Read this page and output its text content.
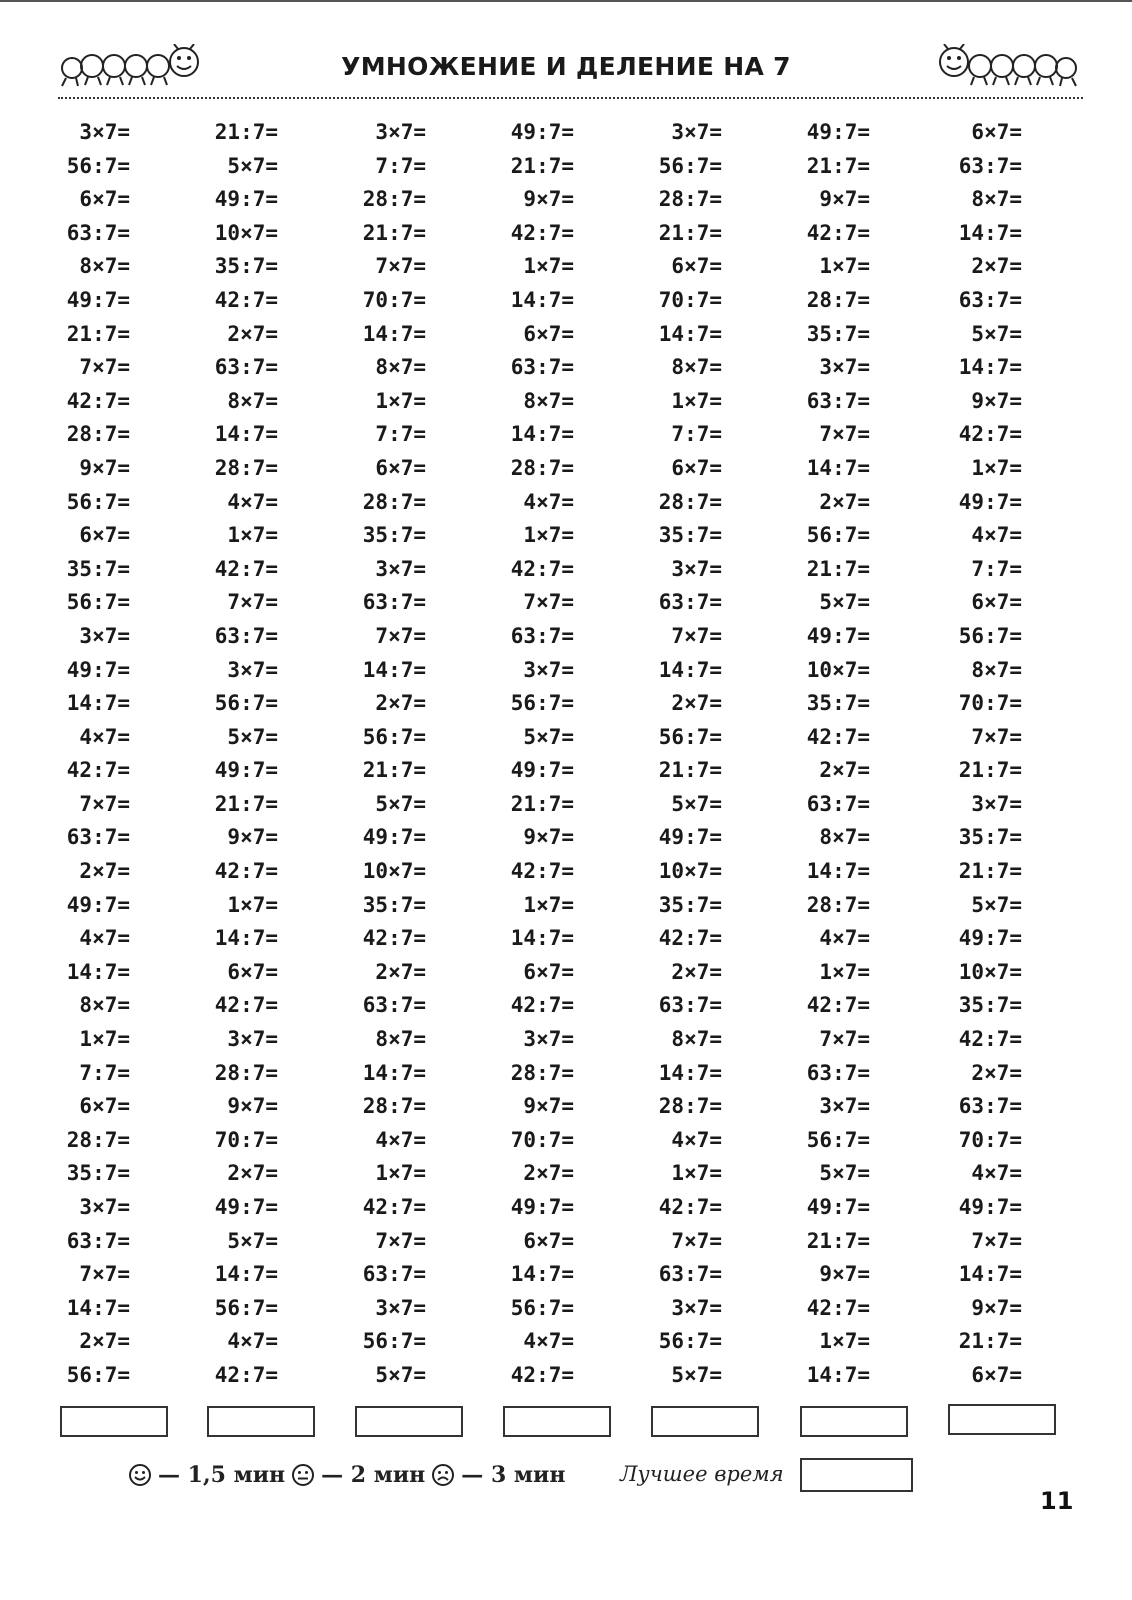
УМНОЖЕНИЕ И ДЕЛЕНИЕ НА 7
3×7=
56:7=
6×7=
63:7=
8×7=
49:7=
21:7=
7×7=
42:7=
28:7=
9×7=
56:7=
6×7=
35:7=
56:7=
3×7=
49:7=
14:7=
4×7=
42:7=
7×7=
63:7=
2×7=
49:7=
4×7=
14:7=
8×7=
1×7=
7:7=
6×7=
28:7=
35:7=
3×7=
63:7=
7×7=
14:7=
2×7=
56:7=
21:7=
5×7=
49:7=
10×7=
35:7=
42:7=
2×7=
63:7=
8×7=
14:7=
28:7=
4×7=
1×7=
42:7=
7×7=
63:7=
3×7=
56:7=
5×7=
49:7=
21:7=
9×7=
42:7=
1×7=
14:7=
6×7=
42:7=
3×7=
28:7=
9×7=
70:7=
2×7=
49:7=
5×7=
14:7=
56:7=
4×7=
42:7=
3×7=
7:7=
28:7=
21:7=
7×7=
70:7=
14:7=
8×7=
1×7=
7:7=
6×7=
28:7=
35:7=
3×7=
63:7=
7×7=
14:7=
2×7=
56:7=
21:7=
5×7=
49:7=
10×7=
35:7=
42:7=
2×7=
63:7=
8×7=
14:7=
28:7=
4×7=
1×7=
42:7=
7×7=
63:7=
3×7=
56:7=
5×7=
49:7=
21:7=
9×7=
42:7=
1×7=
14:7=
6×7=
63:7=
8×7=
14:7=
28:7=
4×7=
1×7=
42:7=
7×7=
63:7=
3×7=
56:7=
5×7=
49:7=
21:7=
9×7=
42:7=
1×7=
14:7=
6×7=
42:7=
3×7=
28:7=
9×7=
70:7=
2×7=
49:7=
6×7=
14:7=
56:7=
4×7=
42:7=
3×7=
56:7=
28:7=
21:7=
6×7=
70:7=
14:7=
8×7=
1×7=
7:7=
6×7=
28:7=
35:7=
3×7=
63:7=
7×7=
14:7=
2×7=
56:7=
21:7=
5×7=
49:7=
10×7=
35:7=
42:7=
2×7=
63:7=
8×7=
14:7=
28:7=
4×7=
1×7=
42:7=
7×7=
63:7=
3×7=
56:7=
5×7=
49:7=
21:7=
9×7=
42:7=
1×7=
28:7=
35:7=
3×7=
63:7=
7×7=
14:7=
2×7=
56:7=
21:7=
5×7=
49:7=
10×7=
35:7=
42:7=
2×7=
63:7=
8×7=
14:7=
28:7=
4×7=
1×7=
42:7=
7×7=
63:7=
3×7=
56:7=
5×7=
49:7=
21:7=
9×7=
42:7=
1×7=
14:7=
6×7=
63:7=
8×7=
14:7=
2×7=
63:7=
5×7=
14:7=
9×7=
42:7=
1×7=
49:7=
4×7=
7:7=
6×7=
56:7=
8×7=
70:7=
7×7=
21:7=
3×7=
35:7=
21:7=
5×7=
49:7=
10×7=
35:7=
42:7=
2×7=
63:7=
70:7=
4×7=
49:7=
7×7=
14:7=
9×7=
21:7=
6×7=
— 1,5 мин — 2 мин — 3 мин	Лучшее время
11
